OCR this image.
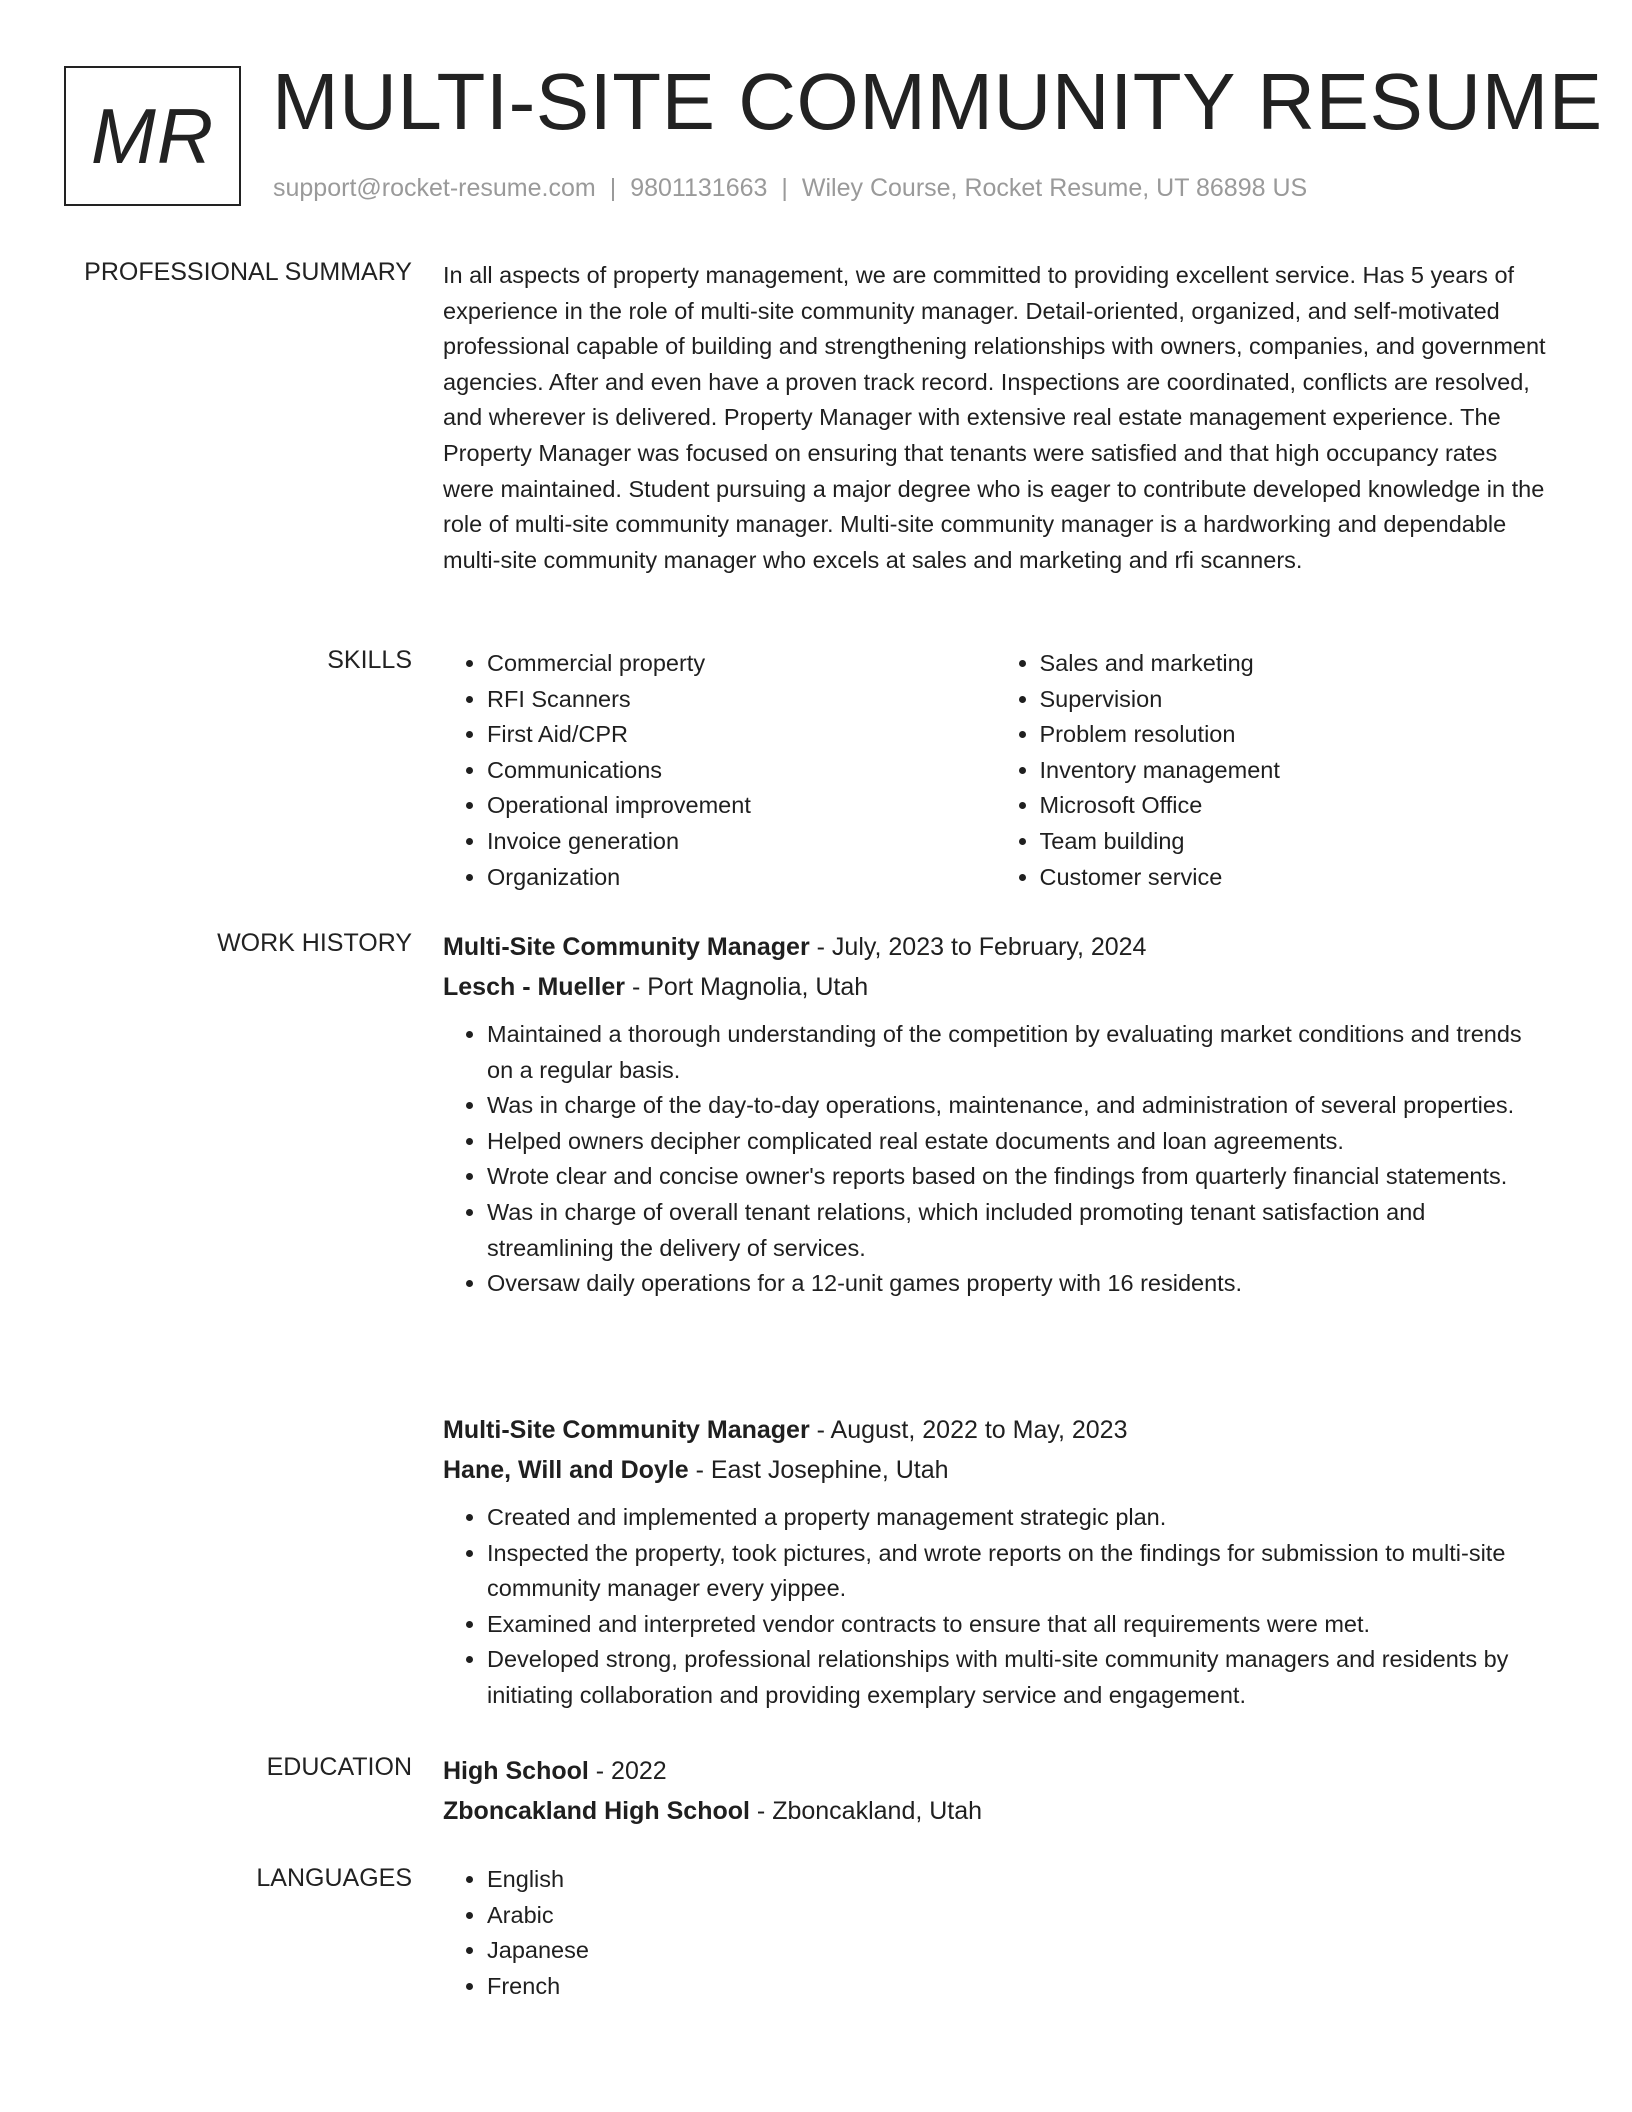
MR MULTI-SITE COMMUNITY RESUME
support@rocket-resume.com | 9801131663 | Wiley Course, Rocket Resume, UT 86898 US
PROFESSIONAL SUMMARY In all aspects of property management, we are committed to providing excellent service. Has 5 years of experience in the role of multi-site community manager. Detail-oriented, organized, and self-motivated professional capable of building and strengthening relationships with owners, companies, and government agencies. After and even have a proven track record. Inspections are coordinated, conflicts are resolved, and wherever is delivered. Property Manager with extensive real estate management experience. The Property Manager was focused on ensuring that tenants were satisfied and that high occupancy rates were maintained. Student pursuing a major degree who is eager to contribute developed knowledge in the role of multi-site community manager. Multi-site community manager is a hardworking and dependable multi-site community manager who excels at sales and marketing and rfi scanners.

SKILLS	• Commercial property
• RFI Scanners
• First Aid/CPR
• Communications
• Operational improvement
• Invoice generation
• Organization
• Sales and marketing
• Supervision
• Problem resolution
• Inventory management
• Microsoft Office
• Team building
• Customer service
WORK HISTORY Multi-Site Community Manager - July, 2023 to February, 2024
Lesch - Mueller - Port Magnolia, Utah
• Maintained a thorough understanding of the competition by evaluating market conditions and trends on a regular basis.
• Was in charge of the day-to-day operations, maintenance, and administration of several properties.
• Helped owners decipher complicated real estate documents and loan agreements.
• Wrote clear and concise owner's reports based on the findings from quarterly financial statements.
• Was in charge of overall tenant relations, which included promoting tenant satisfaction and streamlining the delivery of services.
• Oversaw daily operations for a 12-unit games property with 16 residents.
Multi-Site Community Manager - August, 2022 to May, 2023
Hane, Will and Doyle - East Josephine, Utah
• Created and implemented a property management strategic plan.
• Inspected the property, took pictures, and wrote reports on the findings for submission to multi-site community manager every yippee.
• Examined and interpreted vendor contracts to ensure that all requirements were met.
• Developed strong, professional relationships with multi-site community managers and residents by initiating collaboration and providing exemplary service and engagement.
EDUCATION High School - 2022
Zboncakland High School - Zboncakland, Utah
LANGUAGES	• English
• Arabic
• Japanese
• French
